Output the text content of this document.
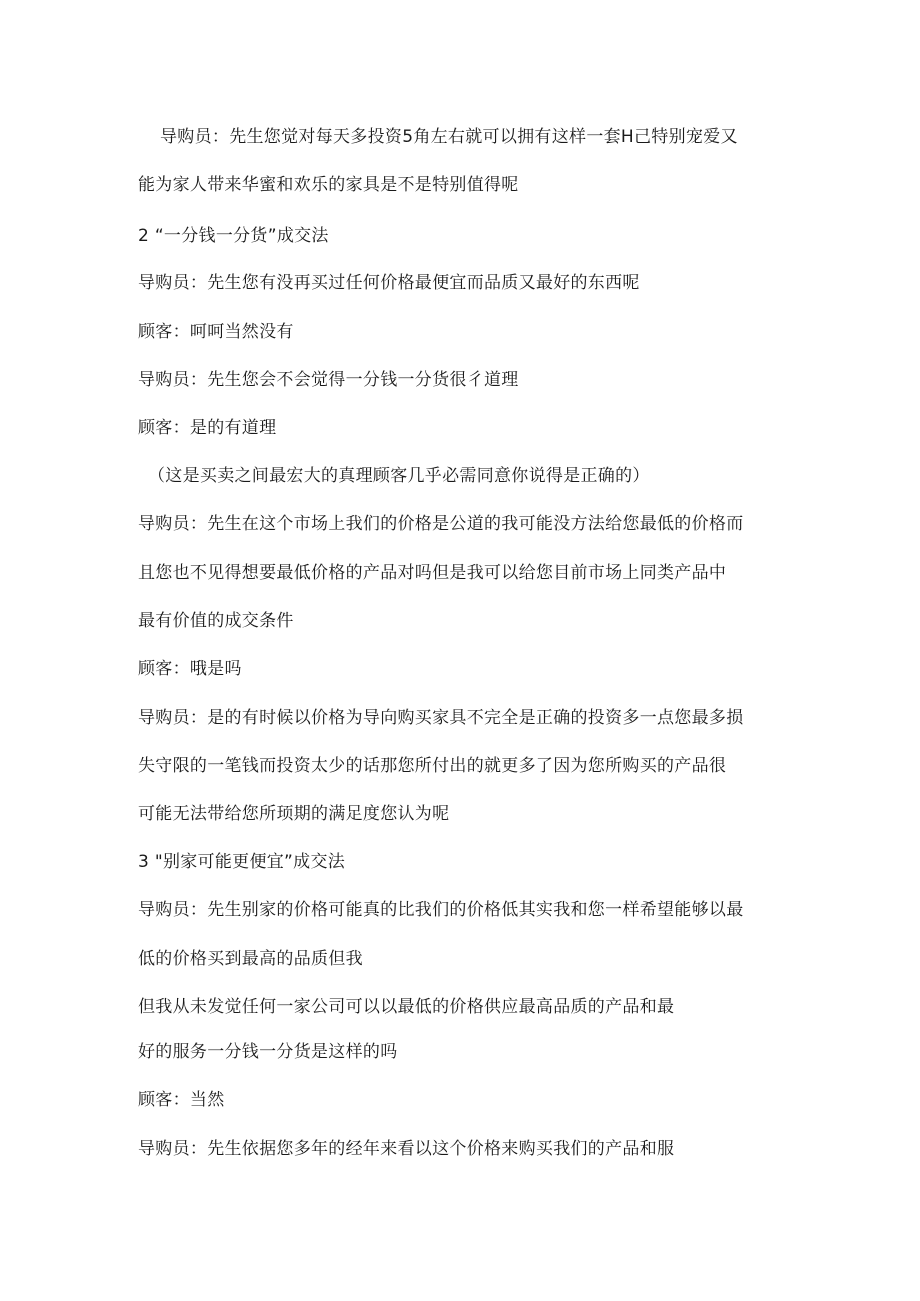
导购员：先生您觉对每天多投资5角左右就可以拥有这样一套H己特别宠爱又
能为家人带来华蜜和欢乐的家具是不是特别值得呢
2 “一分钱一分货”成交法
导购员：先生您有没再买过任何价格最便宜而品质又最好的东西呢
顾客：呵呵当然没有
导购员：先生您会不会觉得一分钱一分货很彳道理
顾客：是的有道理
（这是买卖之间最宏大的真理顾客几乎必需同意你说得是正确的）
导购员：先生在这个市场上我们的价格是公道的我可能没方法给您最低的价格而
且您也不见得想要最低价格的产品对吗但是我可以给您目前市场上同类产品中
最有价值的成交条件
顾客：哦是吗
导购员：是的有时候以价格为导向购买家具不完全是正确的投资多一点您最多损
失守限的一笔钱而投资太少的话那您所付出的就更多了因为您所购买的产品很
可能无法带给您所顼期的满足度您认为呢
3 "别家可能更便宜”成交法
导购员：先生别家的价格可能真的比我们的价格低其实我和您一样希望能够以最
低的价格买到最高的品质但我
但我从未发觉任何一家公司可以以最低的价格供应最高品质的产品和最
好的服务一分钱一分货是这样的吗
顾客：当然
导购员：先生依据您多年的经年来看以这个价格来购买我们的产品和服
